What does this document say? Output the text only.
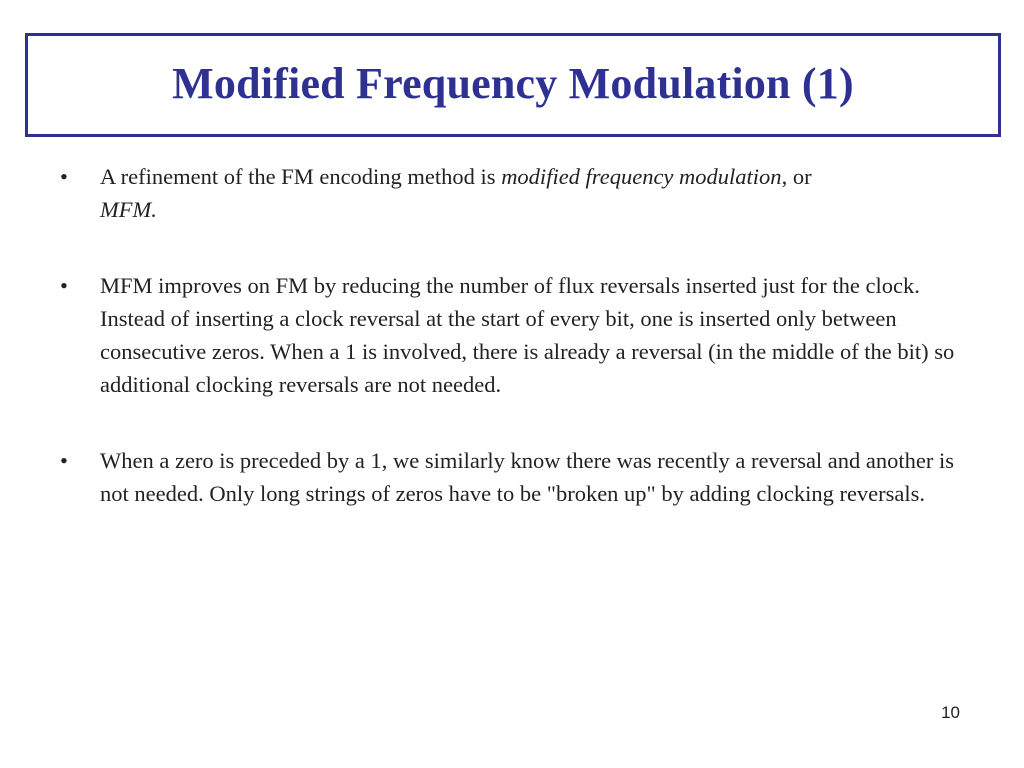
Modified Frequency Modulation (1)
•	A refinement of the FM encoding method is modified frequency modulation, or
MFM.
•	MFM improves on FM by reducing the number of flux reversals inserted just for the clock. Instead of inserting a clock reversal at the start of every bit, one is inserted only between consecutive zeros. When a 1 is involved, there is already a reversal (in the middle of the bit) so additional clocking reversals are not needed.
•	When a zero is preceded by a 1, we similarly know there was recently a reversal and another is not needed. Only long strings of zeros have to be "broken up" by adding clocking reversals.
10
